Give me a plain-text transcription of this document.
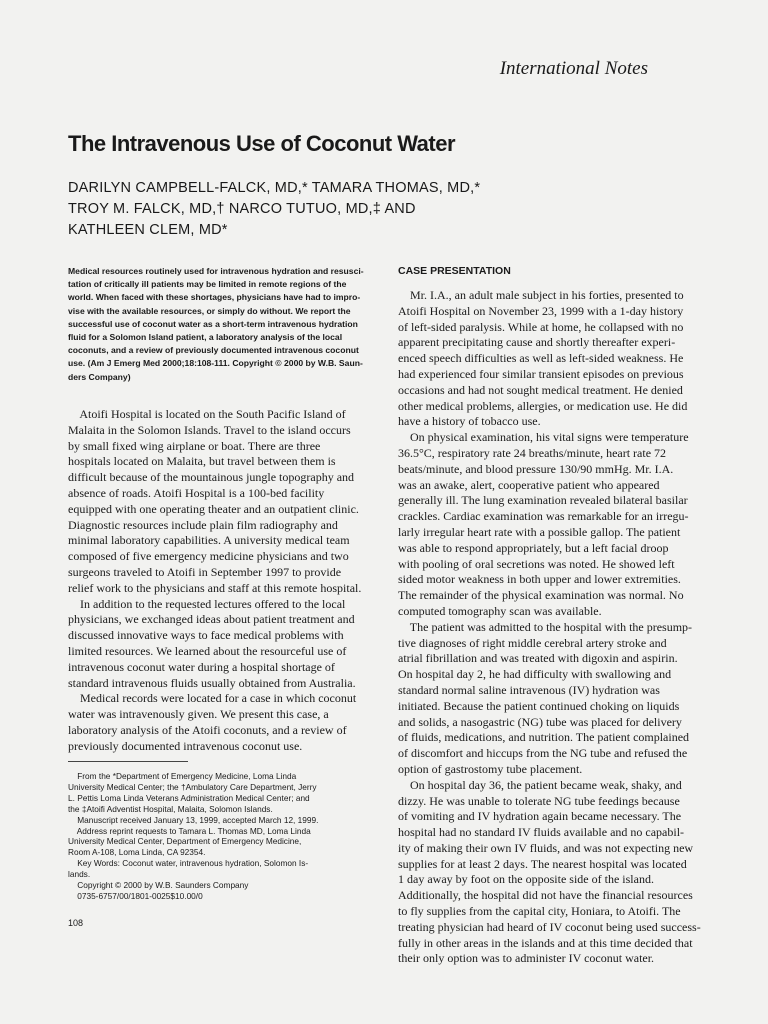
International Notes
The Intravenous Use of Coconut Water
DARILYN CAMPBELL-FALCK, MD,* TAMARA THOMAS, MD,*
TROY M. FALCK, MD,† NARCO TUTUO, MD,‡ AND
KATHLEEN CLEM, MD*
Medical resources routinely used for intravenous hydration and resusci-
tation of critically ill patients may be limited in remote regions of the
world. When faced with these shortages, physicians have had to impro-
vise with the available resources, or simply do without. We report the
successful use of coconut water as a short-term intravenous hydration
fluid for a Solomon Island patient, a laboratory analysis of the local
coconuts, and a review of previously documented intravenous coconut
use. (Am J Emerg Med 2000;18:108-111. Copyright © 2000 by W.B. Saun-
ders Company)
Atoifi Hospital is located on the South Pacific Island of
Malaita in the Solomon Islands. Travel to the island occurs
by small fixed wing airplane or boat. There are three
hospitals located on Malaita, but travel between them is
difficult because of the mountainous jungle topography and
absence of roads. Atoifi Hospital is a 100-bed facility
equipped with one operating theater and an outpatient clinic.
Diagnostic resources include plain film radiography and
minimal laboratory capabilities. A university medical team
composed of five emergency medicine physicians and two
surgeons traveled to Atoifi in September 1997 to provide
relief work to the physicians and staff at this remote hospital.
In addition to the requested lectures offered to the local
physicians, we exchanged ideas about patient treatment and
discussed innovative ways to face medical problems with
limited resources. We learned about the resourceful use of
intravenous coconut water during a hospital shortage of
standard intravenous fluids usually obtained from Australia.
Medical records were located for a case in which coconut
water was intravenously given. We present this case, a
laboratory analysis of the Atoifi coconuts, and a review of
previously documented intravenous coconut use.
CASE PRESENTATION
Mr. I.A., an adult male subject in his forties, presented to
Atoifi Hospital on November 23, 1999 with a 1-day history
of left-sided paralysis. While at home, he collapsed with no
apparent precipitating cause and shortly thereafter experi-
enced speech difficulties as well as left-sided weakness. He
had experienced four similar transient episodes on previous
occasions and had not sought medical treatment. He denied
other medical problems, allergies, or medication use. He did
have a history of tobacco use.
On physical examination, his vital signs were temperature
36.5°C, respiratory rate 24 breaths/minute, heart rate 72
beats/minute, and blood pressure 130/90 mmHg. Mr. I.A.
was an awake, alert, cooperative patient who appeared
generally ill. The lung examination revealed bilateral basilar
crackles. Cardiac examination was remarkable for an irregu-
larly irregular heart rate with a possible gallop. The patient
was able to respond appropriately, but a left facial droop
with pooling of oral secretions was noted. He showed left
sided motor weakness in both upper and lower extremities.
The remainder of the physical examination was normal. No
computed tomography scan was available.
The patient was admitted to the hospital with the presump-
tive diagnoses of right middle cerebral artery stroke and
atrial fibrillation and was treated with digoxin and aspirin.
On hospital day 2, he had difficulty with swallowing and
standard normal saline intravenous (IV) hydration was
initiated. Because the patient continued choking on liquids
and solids, a nasogastric (NG) tube was placed for delivery
of fluids, medications, and nutrition. The patient complained
of discomfort and hiccups from the NG tube and refused the
option of gastrostomy tube placement.
On hospital day 36, the patient became weak, shaky, and
dizzy. He was unable to tolerate NG tube feedings because
of vomiting and IV hydration again became necessary. The
hospital had no standard IV fluids available and no capabil-
ity of making their own IV fluids, and was not expecting new
supplies for at least 2 days. The nearest hospital was located
1 day away by foot on the opposite side of the island.
Additionally, the hospital did not have the financial resources
to fly supplies from the capital city, Honiara, to Atoifi. The
treating physician had heard of IV coconut being used success-
fully in other areas in the islands and at this time decided that
their only option was to administer IV coconut water.
From the *Department of Emergency Medicine, Loma Linda
University Medical Center; the †Ambulatory Care Department, Jerry
L. Pettis Loma Linda Veterans Administration Medical Center; and
the ‡Atoifi Adventist Hospital, Malaita, Solomon Islands.
Manuscript received January 13, 1999, accepted March 12, 1999.
Address reprint requests to Tamara L. Thomas MD, Loma Linda
University Medical Center, Department of Emergency Medicine,
Room A-108, Loma Linda, CA 92354.
Key Words: Coconut water, intravenous hydration, Solomon Is-
lands.
Copyright © 2000 by W.B. Saunders Company
0735-6757/00/1801-0025$10.00/0
108
